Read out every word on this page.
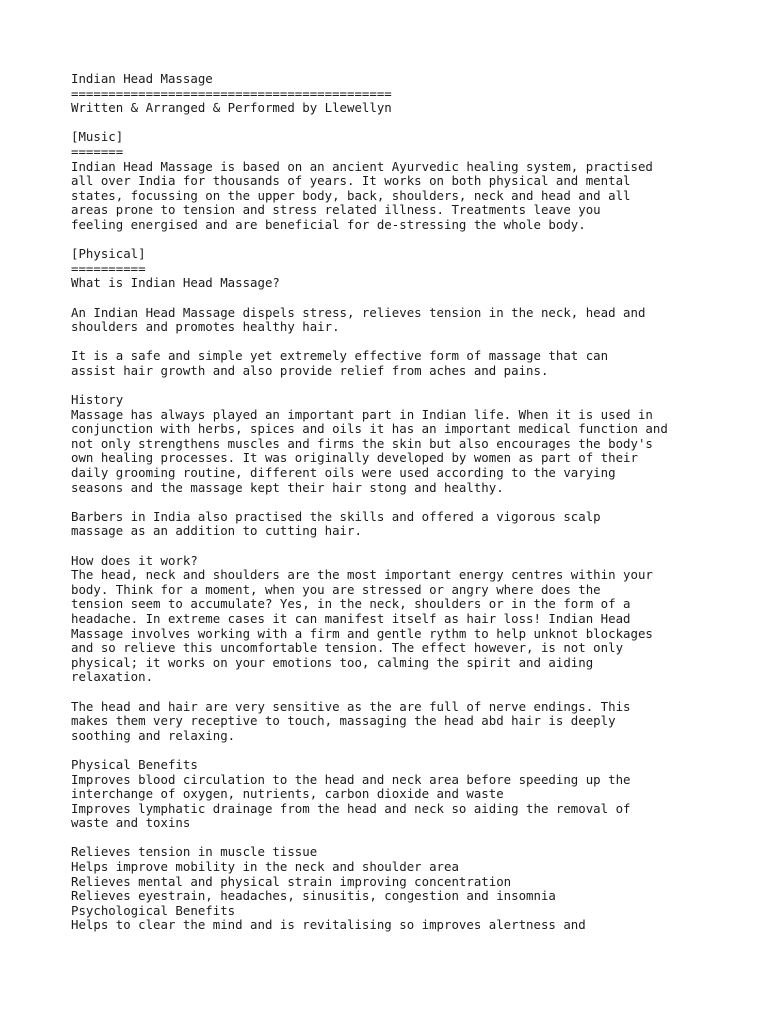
Indian Head Massage
===========================================
Written & Arranged & Performed by Llewellyn
[Music]
=======
Indian Head Massage is based on an ancient Ayurvedic healing system, practised
all over India for thousands of years. It works on both physical and mental
states, focussing on the upper body, back, shoulders, neck and head and all
areas prone to tension and stress related illness. Treatments leave you
feeling energised and are beneficial for de-stressing the whole body.
[Physical]
==========
What is Indian Head Massage?
An Indian Head Massage dispels stress, relieves tension in the neck, head and
shoulders and promotes healthy hair.
It is a safe and simple yet extremely effective form of massage that can
assist hair growth and also provide relief from aches and pains.
History
Massage has always played an important part in Indian life. When it is used in
conjunction with herbs, spices and oils it has an important medical function and
not only strengthens muscles and firms the skin but also encourages the body's
own healing processes. It was originally developed by women as part of their
daily grooming routine, different oils were used according to the varying
seasons and the massage kept their hair stong and healthy.
Barbers in India also practised the skills and offered a vigorous scalp
massage as an addition to cutting hair.
How does it work?
The head, neck and shoulders are the most important energy centres within your
body. Think for a moment, when you are stressed or angry where does the
tension seem to accumulate? Yes, in the neck, shoulders or in the form of a
headache. In extreme cases it can manifest itself as hair loss! Indian Head
Massage involves working with a firm and gentle rythm to help unknot blockages
and so relieve this uncomfortable tension. The effect however, is not only
physical; it works on your emotions too, calming the spirit and aiding
relaxation.
The head and hair are very sensitive as the are full of nerve endings. This
makes them very receptive to touch, massaging the head abd hair is deeply
soothing and relaxing.
Physical Benefits
Improves blood circulation to the head and neck area before speeding up the
interchange of oxygen, nutrients, carbon dioxide and waste
Improves lymphatic drainage from the head and neck so aiding the removal of
waste and toxins
Relieves tension in muscle tissue
Helps improve mobility in the neck and shoulder area
Relieves mental and physical strain improving concentration
Relieves eyestrain, headaches, sinusitis, congestion and insomnia
Psychological Benefits
Helps to clear the mind and is revitalising so improves alertness and
